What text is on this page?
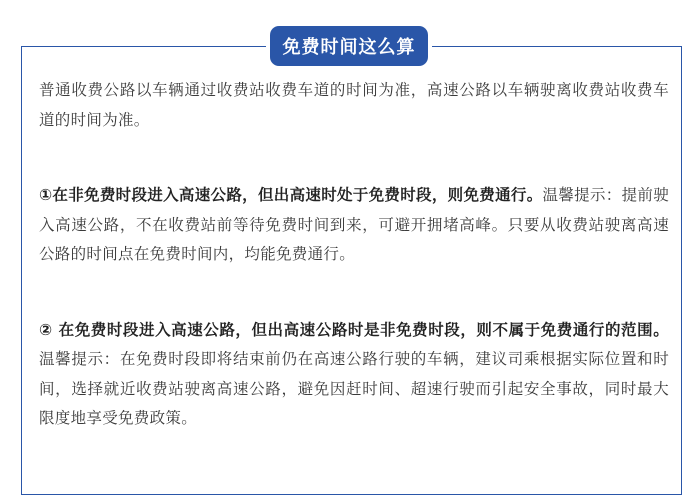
免费时间这么算

普通收费公路以车辆通过收费站收费车道的时间为准，高速公路以车辆驶离收费站收费车道的时间为准。

①在非免费时段进入高速公路，但出高速时处于免费时段，则免费通行。温馨提示：提前驶入高速公路，不在收费站前等待免费时间到来，可避开拥堵高峰。只要从收费站驶离高速公路的时间点在免费时间内，均能免费通行。

② 在免费时段进入高速公路，但出高速公路时是非免费时段，则不属于免费通行的范围。温馨提示：在免费时段即将结束前仍在高速公路行驶的车辆，建议司乘根据实际位置和时间，选择就近收费站驶离高速公路，避免因赶时间、超速行驶而引起安全事故，同时最大限度地享受免费政策。
